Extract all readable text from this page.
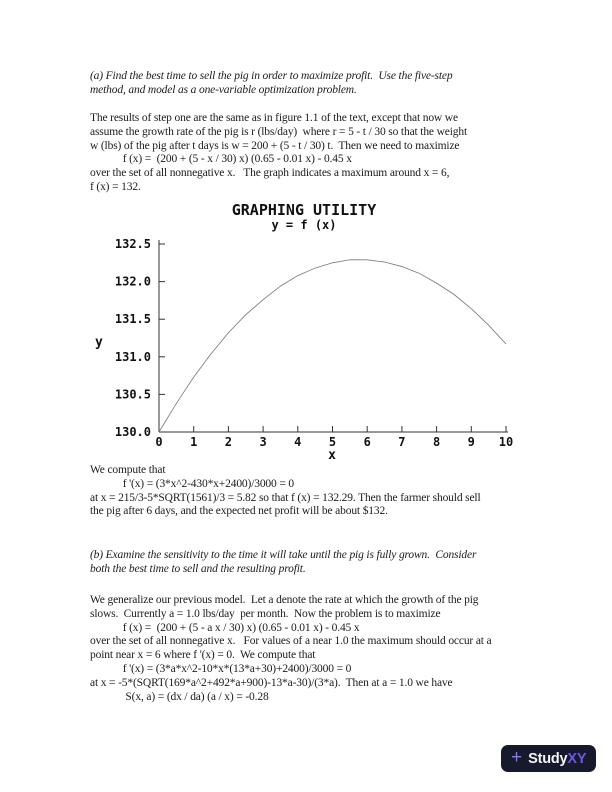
(a) Find the best time to sell the pig in order to maximize profit.  Use the five-step
method, and model as a one-variable optimization problem.
The results of step one are the same as in figure 1.1 of the text, except that now we
assume the growth rate of the pig is r (lbs/day)  where r = 5 - t / 30 so that the weight
w (lbs) of the pig after t days is w = 200 + (5 - t / 30) t.  Then we need to maximize
f (x) =  (200 + (5 - x / 30) x) (0.65 - 0.01 x) - 0.45 x
over the set of all nonnegative x.   The graph indicates a maximum around x = 6,
f (x) = 132.
GRAPHING UTILITY
y = f (x)
y
130.0
130.5
131.0
131.5
132.0
132.5
0 1 2 3 4 5 6 7 8 9 10
x
We compute that
f '(x) = (3*x^2-430*x+2400)/3000 = 0
at x = 215/3-5*SQRT(1561)/3 = 5.82 so that f (x) = 132.29. Then the farmer should sell
the pig after 6 days, and the expected net profit will be about $132.
(b) Examine the sensitivity to the time it will take until the pig is fully grown.  Consider
both the best time to sell and the resulting profit.
We generalize our previous model.  Let a denote the rate at which the growth of the pig
slows.  Currently a = 1.0 lbs/day  per month.  Now the problem is to maximize
f (x) =  (200 + (5 - a x / 30) x) (0.65 - 0.01 x) - 0.45 x
over the set of all nonnegative x.   For values of a near 1.0 the maximum should occur at a
point near x = 6 where f '(x) = 0.  We compute that
f '(x) = (3*a*x^2-10*x*(13*a+30)+2400)/3000 = 0
at x = -5*(SQRT(169*a^2+492*a+900)-13*a-30)/(3*a).  Then at a = 1.0 we have
S(x, a) = (dx / da) (a / x) = -0.28
+ StudyXY
